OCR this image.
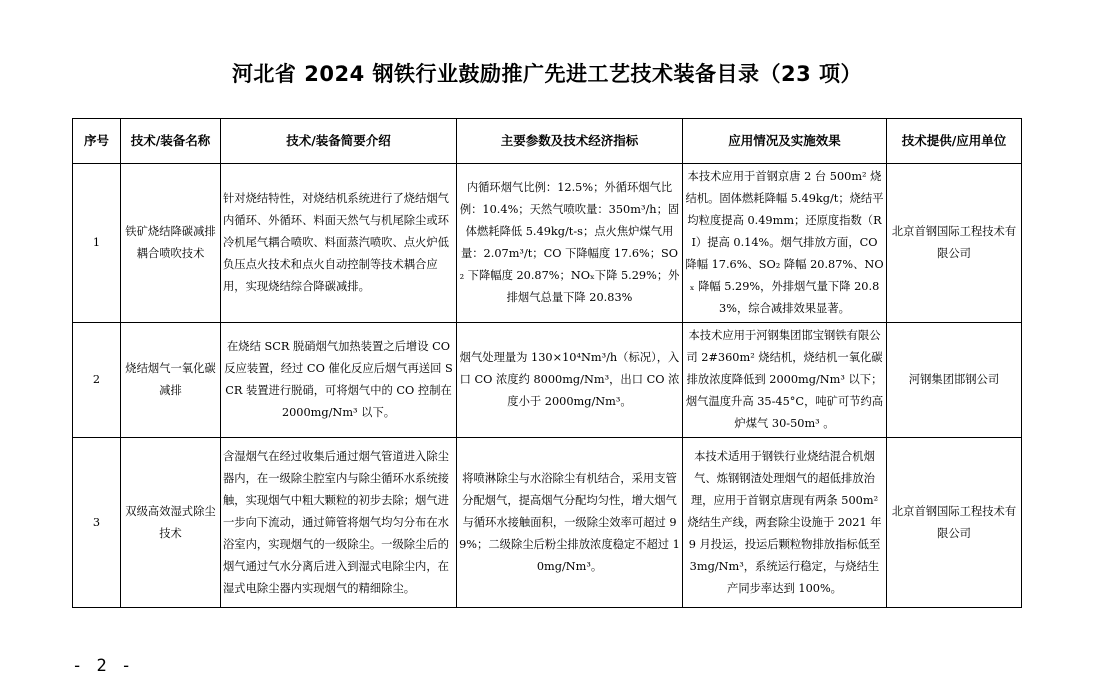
河北省 2024 钢铁行业鼓励推广先进工艺技术装备目录（23 项）
序号	技术/装备名称	技术/装备简要介绍	主要参数及技术经济指标	应用情况及实施效果	技术提供/应用单位
1	铁矿烧结降碳减排耦合喷吹技术	针对烧结特性，对烧结机系统进行了烧结烟气内循环、外循环、料面天然气与机尾除尘或环冷机尾气耦合喷吹、料面蒸汽喷吹、点火炉低负压点火技术和点火自动控制等技术耦合应用，实现烧结综合降碳减排。	内循环烟气比例：12.5%；外循环烟气比例：10.4%；天然气喷吹量：350m³/h；固体燃耗降低 5.49kg/t-s；点火焦炉煤气用量：2.07m³/t；CO 下降幅度 17.6%；SO₂ 下降幅度 20.87%；NOₓ下降 5.29%；外排烟气总量下降 20.83%	本技术应用于首钢京唐 2 台 500m² 烧结机。固体燃耗降幅 5.49kg/t；烧结平均粒度提高 0.49mm；还原度指数（RI）提高 0.14%。烟气排放方面，CO 降幅 17.6%、SO₂ 降幅 20.87%、NOₓ 降幅 5.29%，外排烟气量下降 20.83%，综合减排效果显著。	北京首钢国际工程技术有限公司
2	烧结烟气一氧化碳减排	在烧结 SCR 脱硝烟气加热装置之后增设 CO 反应装置，经过 CO 催化反应后烟气再送回 SCR 装置进行脱硝，可将烟气中的 CO 控制在 2000mg/Nm³ 以下。	烟气处理量为 130×10⁴Nm³/h（标况），入口 CO 浓度约 8000mg/Nm³，出口 CO 浓度小于 2000mg/Nm³。	本技术应用于河钢集团邯宝钢铁有限公司 2#360m² 烧结机，烧结机一氧化碳排放浓度降低到 2000mg/Nm³ 以下；烟气温度升高 35-45°C，吨矿可节约高炉煤气 30-50m³ 。	河钢集团邯钢公司
3	双级高效湿式除尘技术	含湿烟气在经过收集后通过烟气管道进入除尘器内，在一级除尘腔室内与除尘循环水系统接触，实现烟气中粗大颗粒的初步去除；烟气进一步向下流动，通过筛管将烟气均匀分布在水浴室内，实现烟气的一级除尘。一级除尘后的烟气通过气水分离后进入到湿式电除尘内，在湿式电除尘器内实现烟气的精细除尘。	将喷淋除尘与水浴除尘有机结合，采用支管分配烟气，提高烟气分配均匀性，增大烟气与循环水接触面积，一级除尘效率可超过 99%；二级除尘后粉尘排放浓度稳定不超过 10mg/Nm³。	本技术适用于钢铁行业烧结混合机烟气、炼钢钢渣处理烟气的超低排放治理，应用于首钢京唐现有两条 500m² 烧结生产线，两套除尘设施于 2021 年 9 月投运，投运后颗粒物排放指标低至 3mg/Nm³，系统运行稳定，与烧结生产同步率达到 100%。	北京首钢国际工程技术有限公司
- 2 -
